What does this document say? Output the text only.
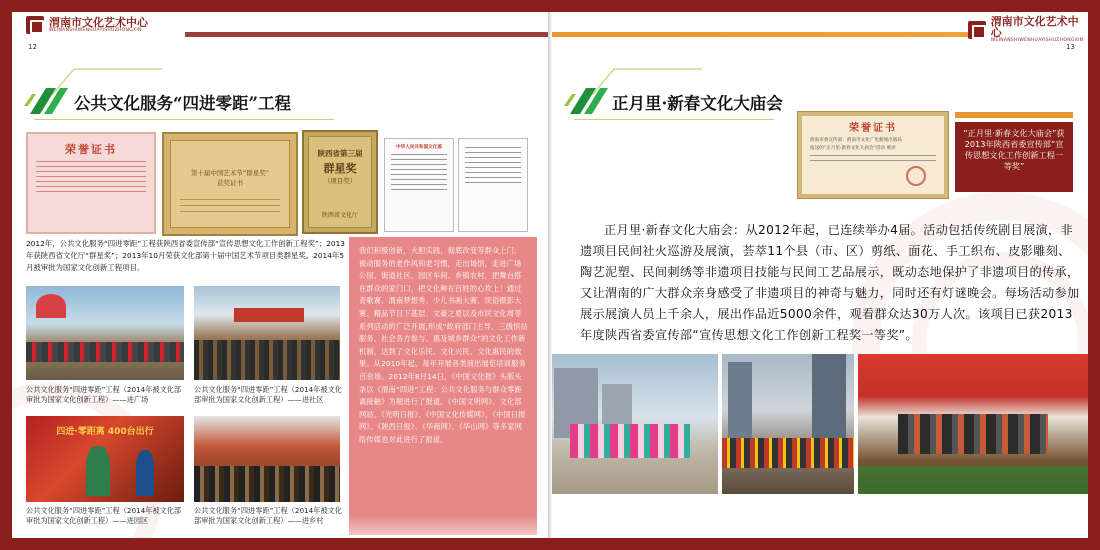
渭南市文化艺术中心
WEINANSHIWENHUAYISHUZHONGXIN
12
公共文化服务“四进零距”工程
荣誉证书
第十届中国艺术节“群星奖”
获奖证书
陕西省第三届
群星奖
（项目奖）
陕西省文化厅
中华人民共和国文化部
2012年，公共文化服务“四进零距”工程获陕西省委宣传部“宣传思想文化工作创新工程奖”；2013年获陕西省文化厅“群星奖”；2013年10月荣获文化部第十届中国艺术节项目类群星奖。2014年5月被审批为国家文化创新工程项目。
公共文化服务“四进零距”工程（2014年被文化部审批为国家文化创新工程）——进广场
公共文化服务“四进零距”工程（2014年被文化部审批为国家文化创新工程）——进社区
四进·零距离 400台出行
公共文化服务“四进零距”工程（2014年被文化部审批为国家文化创新工程）——进园区
公共文化服务“四进零距”工程（2014年被文化部审批为国家文化创新工程）——进乡村
我们积极创新，大胆实践，彻底改变等群众上门、被动服务的老作风和老习惯，走出场馆，走进广场公园、街道社区、园区车间、乡镇农村，把舞台搭在群众的家门口，把文化种在百姓的心坎上！通过青歌赛、渭南梦想秀、少儿书画大赛、民俗摄影大赛、精品节目下基层、文豪之夏以及市民文化周等系列活动的广泛开展,形成“政府部门主导、三级馆站服务、社会各方参与、惠及城乡群众”的文化工作新机制，达到了文化乐民、文化兴民、文化惠民的效果。从2010年起，每年开展各类演出展览培训服务百余场。2012年8月14日，《中国文化报》头版头条以《渭南“四进”工程：公共文化服务与群众零距离接触》为题进行了报道。《中国文明网》、文化部网站、《光明日报》、《中国文化传媒网》、《中国日报网》、《陕西日报》、《华商网》、《华山网》等多家网络传媒也对此进行了报道。
渭南市文化艺术中心
WEINANSHIWENHUAYISHUZHONGXIN
13
正月里·新春文化大庙会
荣誉证书
渭南市委宣传部：渭南市文化广电新闻出版局
报送的“正月里·新春文化大庙会”活动 被评
“正月里·新春文化大庙会”获2013年陕西省委宣传部“宣传思想文化工作创新工程一等奖”
正月里·新春文化大庙会：从2012年起，已连续举办4届。活动包括传统剧目展演，非遗项目民间社火巡游及展演，荟萃11个县（市、区）剪纸、面花、手工织布、皮影雕刻、陶艺泥塑、民间刺绣等非遗项目技能与民间工艺品展示，既动态地保护了非遗项目的传承，又让渭南的广大群众亲身感受了非遗项目的神奇与魅力，同时还有灯谜晚会。每场活动参加展示展演人员上千余人，展出作品近5000余件，观看群众达30万人次。该项目已获2013年度陕西省委宣传部“宣传思想文化工作创新工程奖一等奖”。
